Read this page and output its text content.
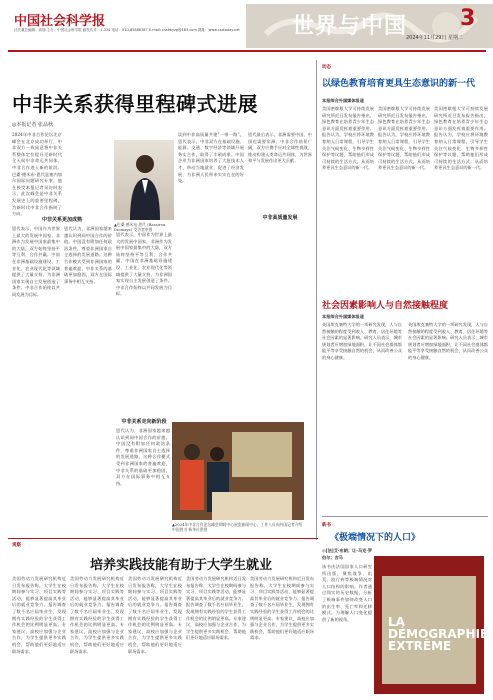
中国社会科学报
社长兼总编辑：高翔 主办：中国社会科学院 邮发代号：1-334 电话：010-85886387 E-mail: csstwyzg@163.com 网址：www.csstoday.net 世界与中国 3
2024年11月29日 星期二
中非关系获得里程碑式进展
◎本报记者 张品秋
2024年中非合作论坛北京峰会在北京成功举行，中非双方一致同意将中非关系整体定位提升至新时代全天候中非命运共同体，中非合作进入新的阶段。巴桑·德米布·恩代是塞内加尔国际问题研究专家，他在接受本报记者采访时表示，此次峰会是中非关系发展史上的重要里程碑，为新时代中非合作指明了方向。
中非关系更加成熟
恩代表示，中国作为世界上最大的发展中国家，非洲作为发展中国家最集中的大陆，双方始终坚持平等互利、合作共赢。中国在非洲基础设施建设、工业化、农业现代化等领域提供了大量支持，为非洲国家实现自主发展创造了条件。中非合作始终以共同发展为目标。
恩代认为，非洲国家越来越认识到同中国合作的价值。中国没有附加任何政治条件，尊重非洲国家自主选择的发展道路。这种合作模式受到非洲国家的普遍欢迎，中非关系的基础更加稳固，双方在国际事务中相互支持。
▲巴桑·德米布·恩代 (Bassirou Diomaye) 受访者供图
谈到中非高质量共建“一带一路”，恩代表示，中非双方在基础设施、能源、交通、数字经济等领域开展务实合作，取得了丰硕成果。中国企业为非洲国家培养了大批技术人才，带动当地就业，促进了经济发展，为非洲人民带来实实在在的好处。
中非高质量发展
恩代最后表示，非洲需要中国，中国也需要非洲。中非合作前景广阔，双方应携手应对全球性挑战，推动构建人类命运共同体，为世界和平与发展作出更大贡献。
恩代表示，中国作为世界上最大的发展中国家，非洲作为发展中国家最集中的大陆，双方始终坚持平等互利、合作共赢。中国在非洲基础设施建设、工业化、农业现代化等领域提供了大量支持，为非洲国家实现自主发展创造了条件。中非合作始终以共同发展为目标。
中非关系走向新阶段
恩代认为，非洲国家越来越认识到同中国合作的价值。中国没有附加任何政治条件，尊重非洲国家自主选择的发展道路。这种合作模式受到非洲国家的普遍欢迎，中非关系的基础更加稳固，双方在国际事务中相互支持。
▲2024年中非合作论坛峰会期间中心展览新闻中心，工作人员向外国记者介绍中国图书 新华社供图
动态
以绿色教育培育更具生态意识的新一代
本报综合外国媒体报道
美国密歇根大学可持续发展研究所近日发布报告指出，绿色教育在培养青少年生态意识方面发挥着重要作用。报告认为，学校应将环境教育纳入日常课程，引导学生关注气候变化、生物多样性保护等议题，帮助他们形成可持续的生活方式，从而培养更具生态意识的新一代。
美国密歇根大学可持续发展研究所近日发布报告指出，绿色教育在培养青少年生态意识方面发挥着重要作用。报告认为，学校应将环境教育纳入日常课程，引导学生关注气候变化、生物多样性保护等议题，帮助他们形成可持续的生活方式，从而培养更具生态意识的新一代。
美国密歇根大学可持续发展研究所近日发布报告指出，绿色教育在培养青少年生态意识方面发挥着重要作用。报告认为，学校应将环境教育纳入日常课程，引导学生关注气候变化、生物多样性保护等议题，帮助他们形成可持续的生活方式，从而培养更具生态意识的新一代。
社会因素影响人与自然接触程度
本报综合外国媒体报道
英国埃克塞特大学的一项研究发现，人与自然接触的程度受到收入、教育、居住环境等社会因素的显著影响。研究人员表示，城市规划者应增加绿地面积，让不同社会群体都能平等享受接触自然的机会，从而改善公众的身心健康。
英国埃克塞特大学的一项研究发现，人与自然接触的程度受到收入、教育、居住环境等社会因素的显著影响。研究人员表示，城市规划者应增加绿地面积，让不同社会群体都能平等享受接触自然的机会，从而改善公众的身心健康。
新书
《极端情况下的人口》
◎[法]艾·布朗；让-马克·罗伯尔；吉马
该书由法国国家人口研究所出版，聚焦战争、饥荒、流行病等极端情况对人口结构的影响。作者通过翔实的历史数据，分析了极端事件如何改变人口的出生率、死亡率和迁移模式，为理解人口变化提供了新的视角。	LA DÉMOGRAPHIE EXTRÊME
观察
培养实践技能有助于大学生就业
美国劳动力发展研究机构近日发布报告称，大学生在校期间参与实习、项目实践等活动，能够显著提高其毕业后的就业竞争力。报告调查了数千名应届毕业生，发现拥有实践经验的学生获得工作机会的比例明显更高。专家建议，高校应加强与企业合作，为学生提供更多实践机会，帮助他们更好地适应职场需求。
美国劳动力发展研究机构近日发布报告称，大学生在校期间参与实习、项目实践等活动，能够显著提高其毕业后的就业竞争力。报告调查了数千名应届毕业生，发现拥有实践经验的学生获得工作机会的比例明显更高。专家建议，高校应加强与企业合作，为学生提供更多实践机会，帮助他们更好地适应职场需求。
美国劳动力发展研究机构近日发布报告称，大学生在校期间参与实习、项目实践等活动，能够显著提高其毕业后的就业竞争力。报告调查了数千名应届毕业生，发现拥有实践经验的学生获得工作机会的比例明显更高。专家建议，高校应加强与企业合作，为学生提供更多实践机会，帮助他们更好地适应职场需求。
美国劳动力发展研究机构近日发布报告称，大学生在校期间参与实习、项目实践等活动，能够显著提高其毕业后的就业竞争力。报告调查了数千名应届毕业生，发现拥有实践经验的学生获得工作机会的比例明显更高。专家建议，高校应加强与企业合作，为学生提供更多实践机会，帮助他们更好地适应职场需求。
美国劳动力发展研究机构近日发布报告称，大学生在校期间参与实习、项目实践等活动，能够显著提高其毕业后的就业竞争力。报告调查了数千名应届毕业生，发现拥有实践经验的学生获得工作机会的比例明显更高。专家建议，高校应加强与企业合作，为学生提供更多实践机会，帮助他们更好地适应职场需求。
